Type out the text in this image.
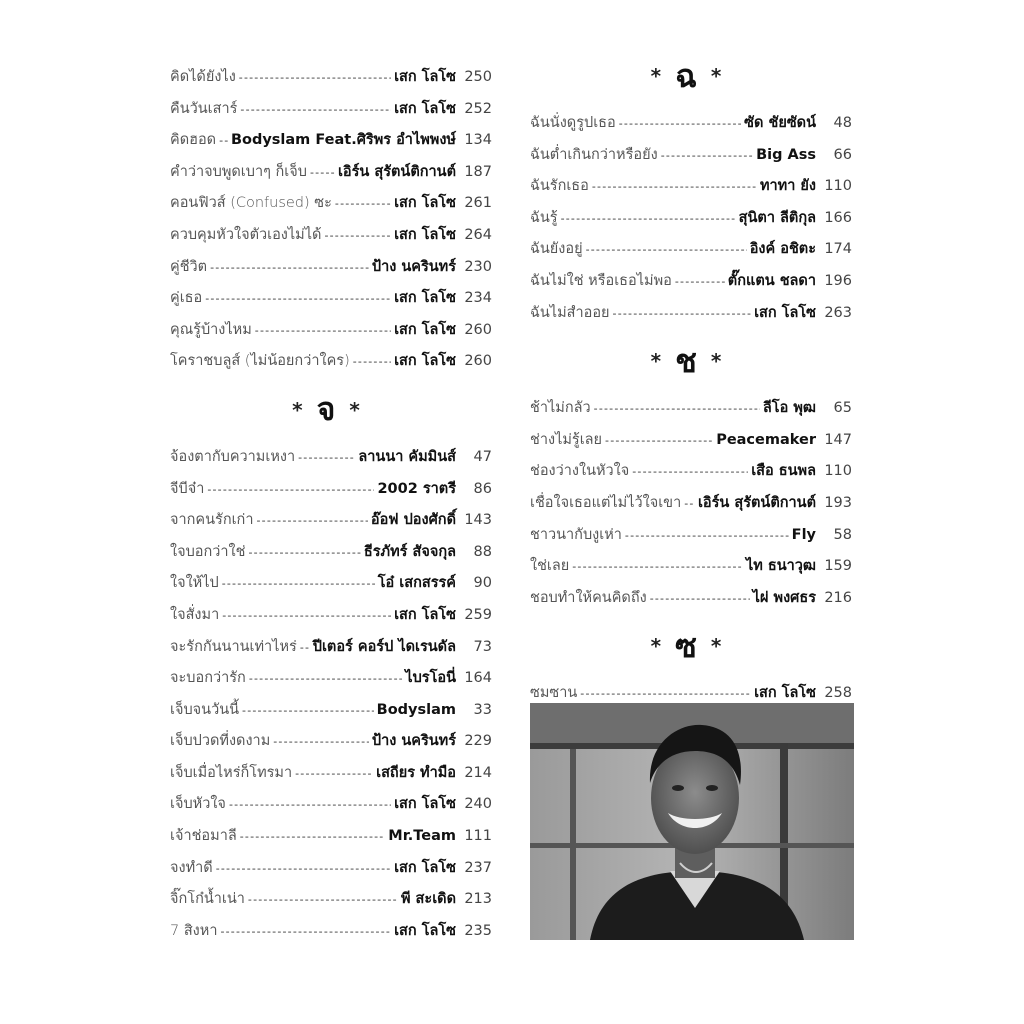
คิดได้ยังไง -----	เสก โลโซ 250
คืนวันเสาร์ -----	เสก โลโซ 252
คิดฮอด ----- Bodyslam Feat.ศิริพร อำไพพงษ์ 134
คำว่าจบพูดเบาๆ ก็เจ็บ ----- เอิร์น สุรัตน์ติกานต์ 187
คอนฟิวส์ (Confused) ซะ -----	เสก โลโซ 261
ควบคุมหัวใจตัวเองไม่ได้ -----	เสก โลโซ 264
คู่ชีวิต -----	ป้าง นครินทร์ 230
คู่เธอ -----	เสก โลโซ 234
คุณรู้บ้างไหม -----	เสก โลโซ 260
โคราชบลูส์ (ไม่น้อยกว่าใคร) -----	เสก โลโซ 260
* จ *
จ้องตากับความเหงา -----	ลานนา คัมมินส์	47
จีบีจ๋า -----	2002 ราตรี	86
จากคนรักเก่า -----	อ๊อฟ ปองศักดิ์ 143
ใจบอกว่าใช่ -----	ธีรภัทร์ สัจจกุล	88
ใจให้ไป -----	โอ๋ เสกสรรค์	90
ใจสั่งมา -----	เสก โลโซ 259
จะรักกันนานเท่าไหร่ ----- ปีเตอร์ คอร์ป ไดเรนดัล	73
จะบอกว่ารัก -----	ไบรโอนี่ 164
เจ็บจนวันนี้ -----	Bodyslam	33
เจ็บปวดที่งดงาม -----	ป้าง นครินทร์ 229
เจ็บเมื่อไหร่ก็โทรมา -----	เสถียร ทำมือ 214
เจ็บหัวใจ -----	เสก โลโซ 240
เจ้าช่อมาลี -----	Mr.Team 111
จงทำดี -----	เสก โลโซ 237
จิ๊กโก๋น้ำเน่า -----	พี สะเดิด 213
7 สิงหา -----	เสก โลโซ 235
* ฉ *
ฉันนั่งดูรูปเธอ -----	ซัด ชัยซัดน์	48
ฉันต่ำเกินกว่าหรือยัง -----	Big Ass	66
ฉันรักเธอ -----	ทาทา ยัง 110
ฉันรู้ -----	สุนิตา ลีติกุล 166
ฉันยังอยู่ -----	อิงค์ อชิตะ 174
ฉันไม่ใช่ หรือเธอไม่พอ -----	ตั๊กแตน ชลดา 196
ฉันไม่สำออย -----	เสก โลโซ 263
* ช *
ช้าไม่กลัว -----	ลีโอ พุฒ	65
ช่างไม่รู้เลย -----	Peacemaker 147
ช่องว่างในหัวใจ -----	เสือ ธนพล 110
เชื่อใจเธอแต่ไม่ไว้ใจเขา ----- เอิร์น สุรัตน์ติกานต์ 193
ชาวนากับงูเห่า -----	Fly	58
ใช่เลย -----	ไท ธนาวุฒ 159
ชอบทำให้คนคิดถึง -----	ไผ่ พงศธร 216
* ซ *
ซมซาน -----	เสก โลโซ 258
